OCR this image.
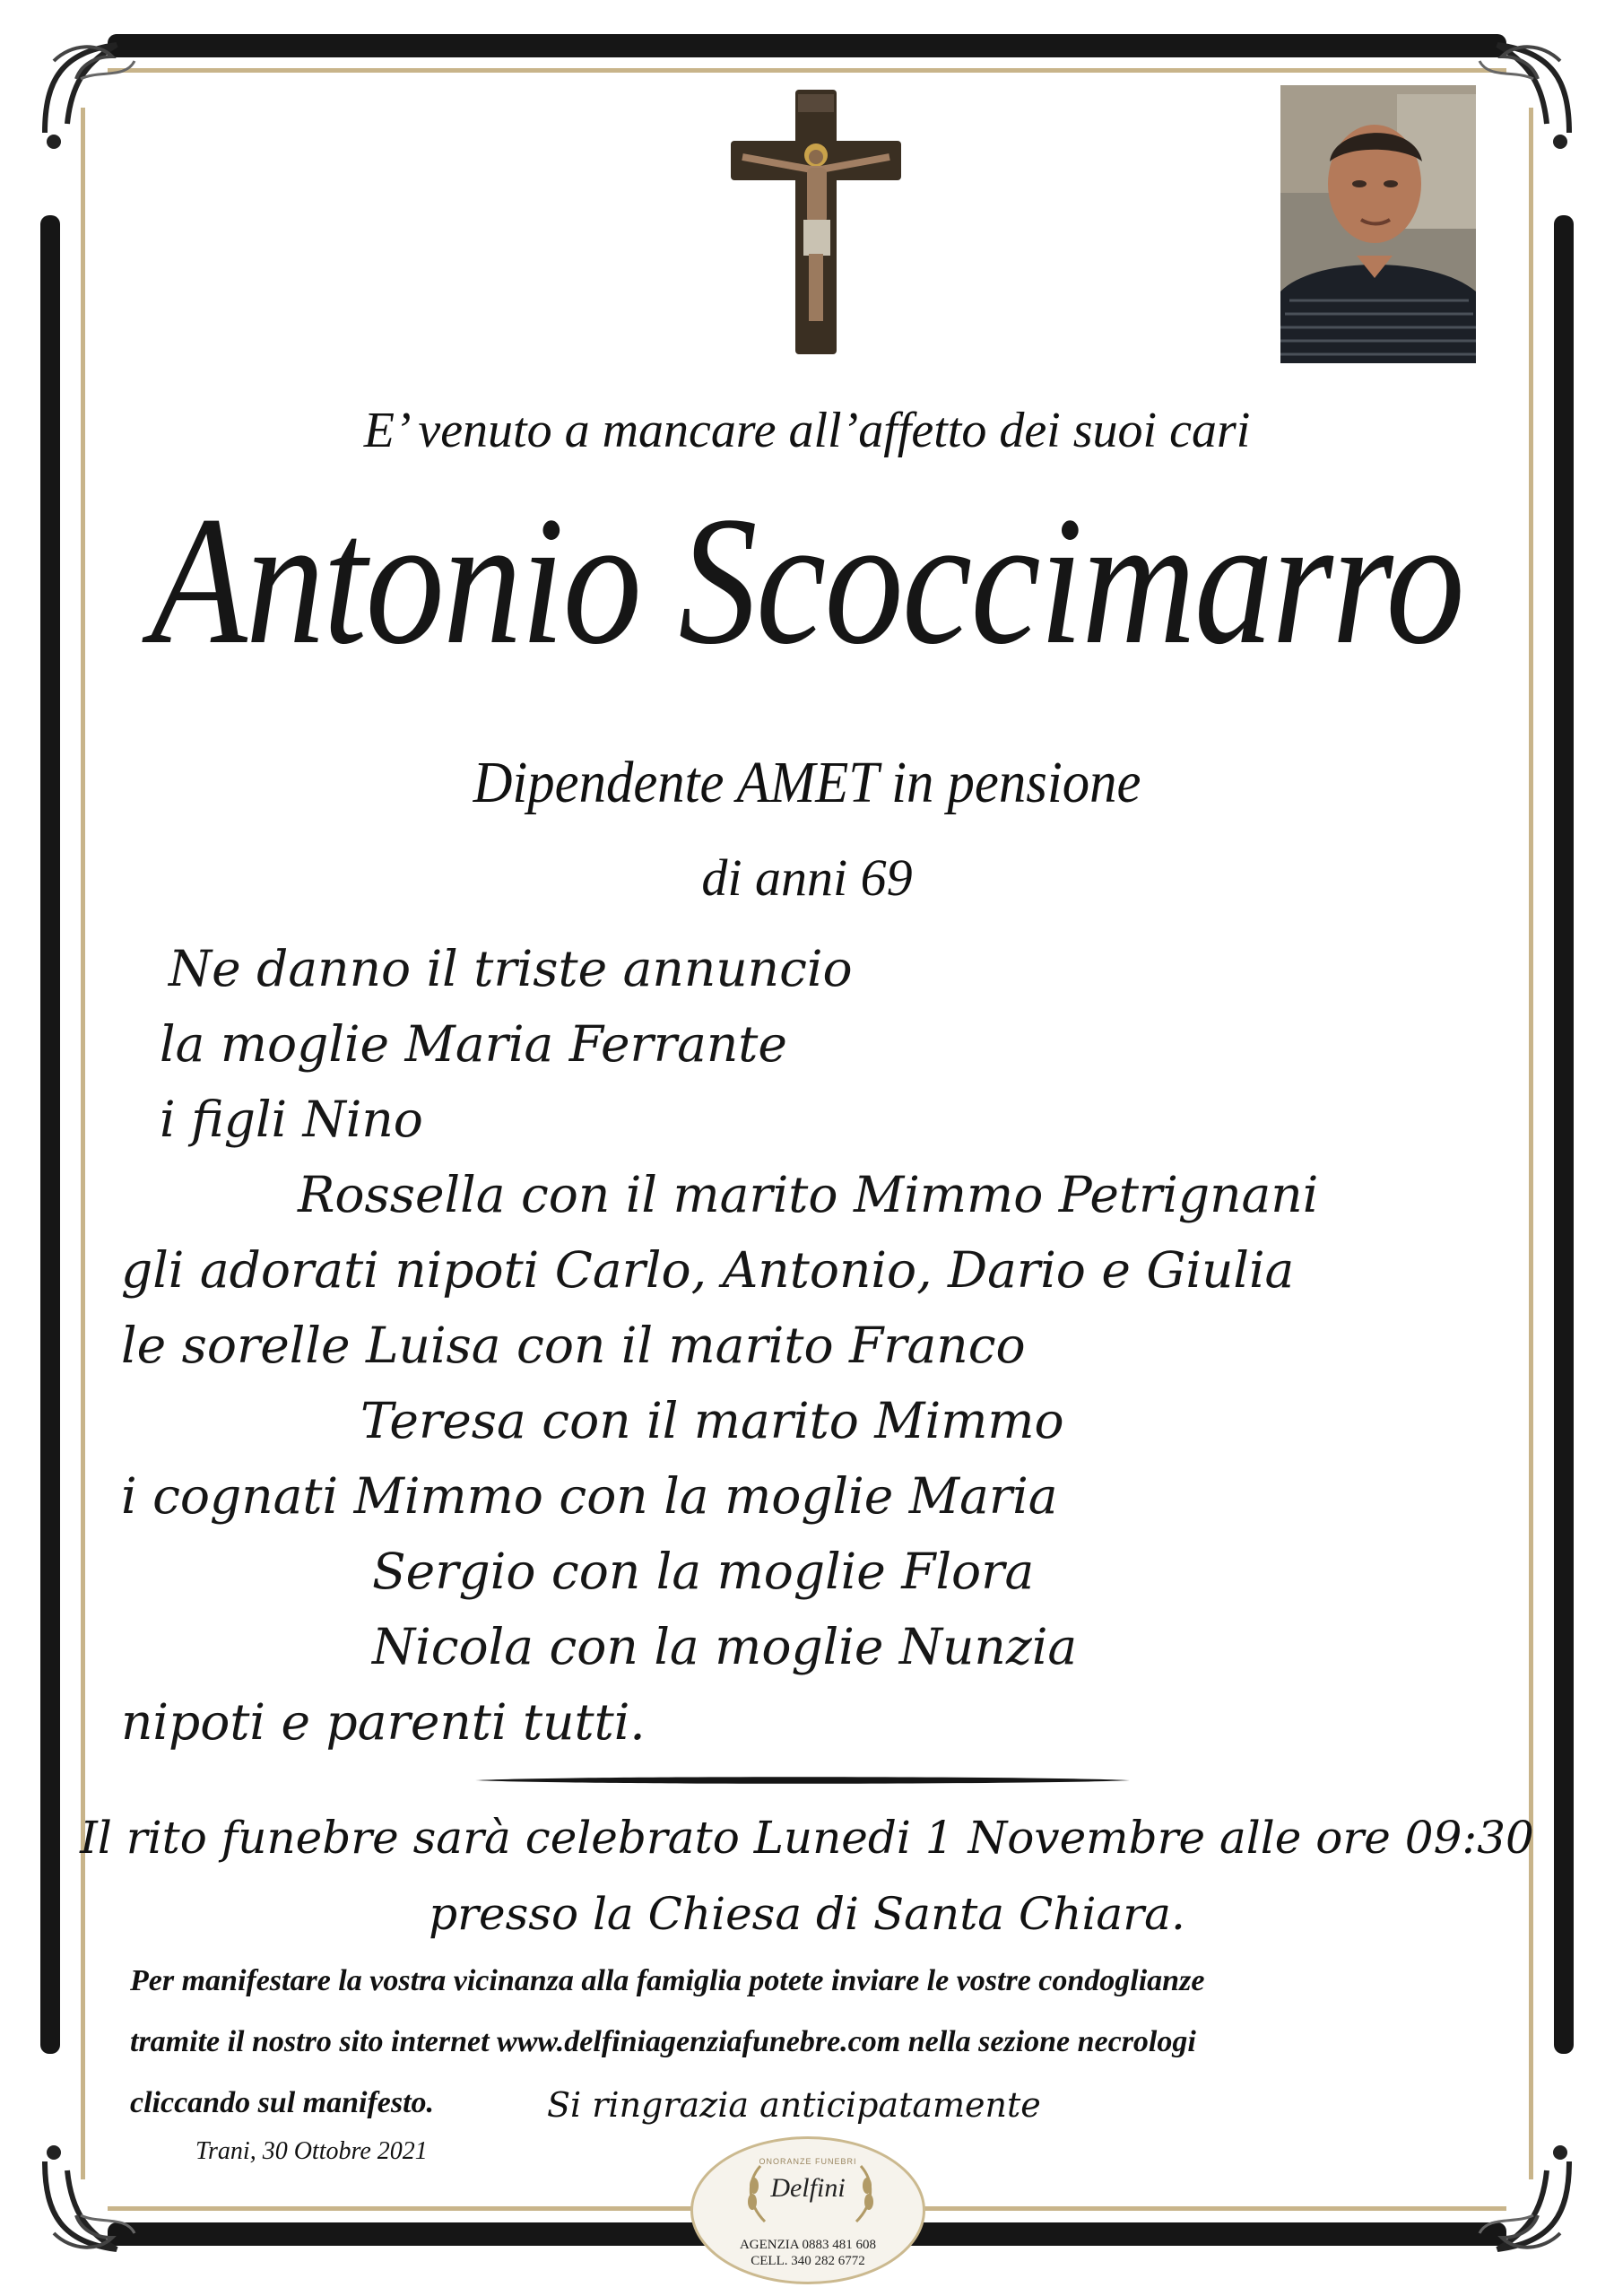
E’ venuto a mancare all’affetto dei suoi cari
Antonio Scoccimarro
Dipendente AMET in pensione
di anni 69
Ne danno il triste annuncio
la moglie Maria Ferrante
i figli Nino
Rossella con il marito Mimmo Petrignani
gli adorati nipoti Carlo, Antonio, Dario e Giulia
le sorelle Luisa con il marito Franco
Teresa con il marito Mimmo
i cognati Mimmo con la moglie Maria
Sergio con la moglie Flora
Nicola con la moglie Nunzia
nipoti e parenti tutti.
Il rito funebre sarà celebrato Lunedi 1 Novembre alle ore 09:30
presso la Chiesa di Santa Chiara.
Per manifestare la vostra vicinanza alla famiglia potete inviare le vostre condoglianze
tramite il nostro sito internet www.delfiniagenziafunebre.com nella sezione necrologi
cliccando sul manifesto.	Si ringrazia anticipatamente
Trani, 30 Ottobre 2021	ONORANZE FUNEBRI
Delfini
AGENZIA 0883 481 608
CELL. 340 282 6772
